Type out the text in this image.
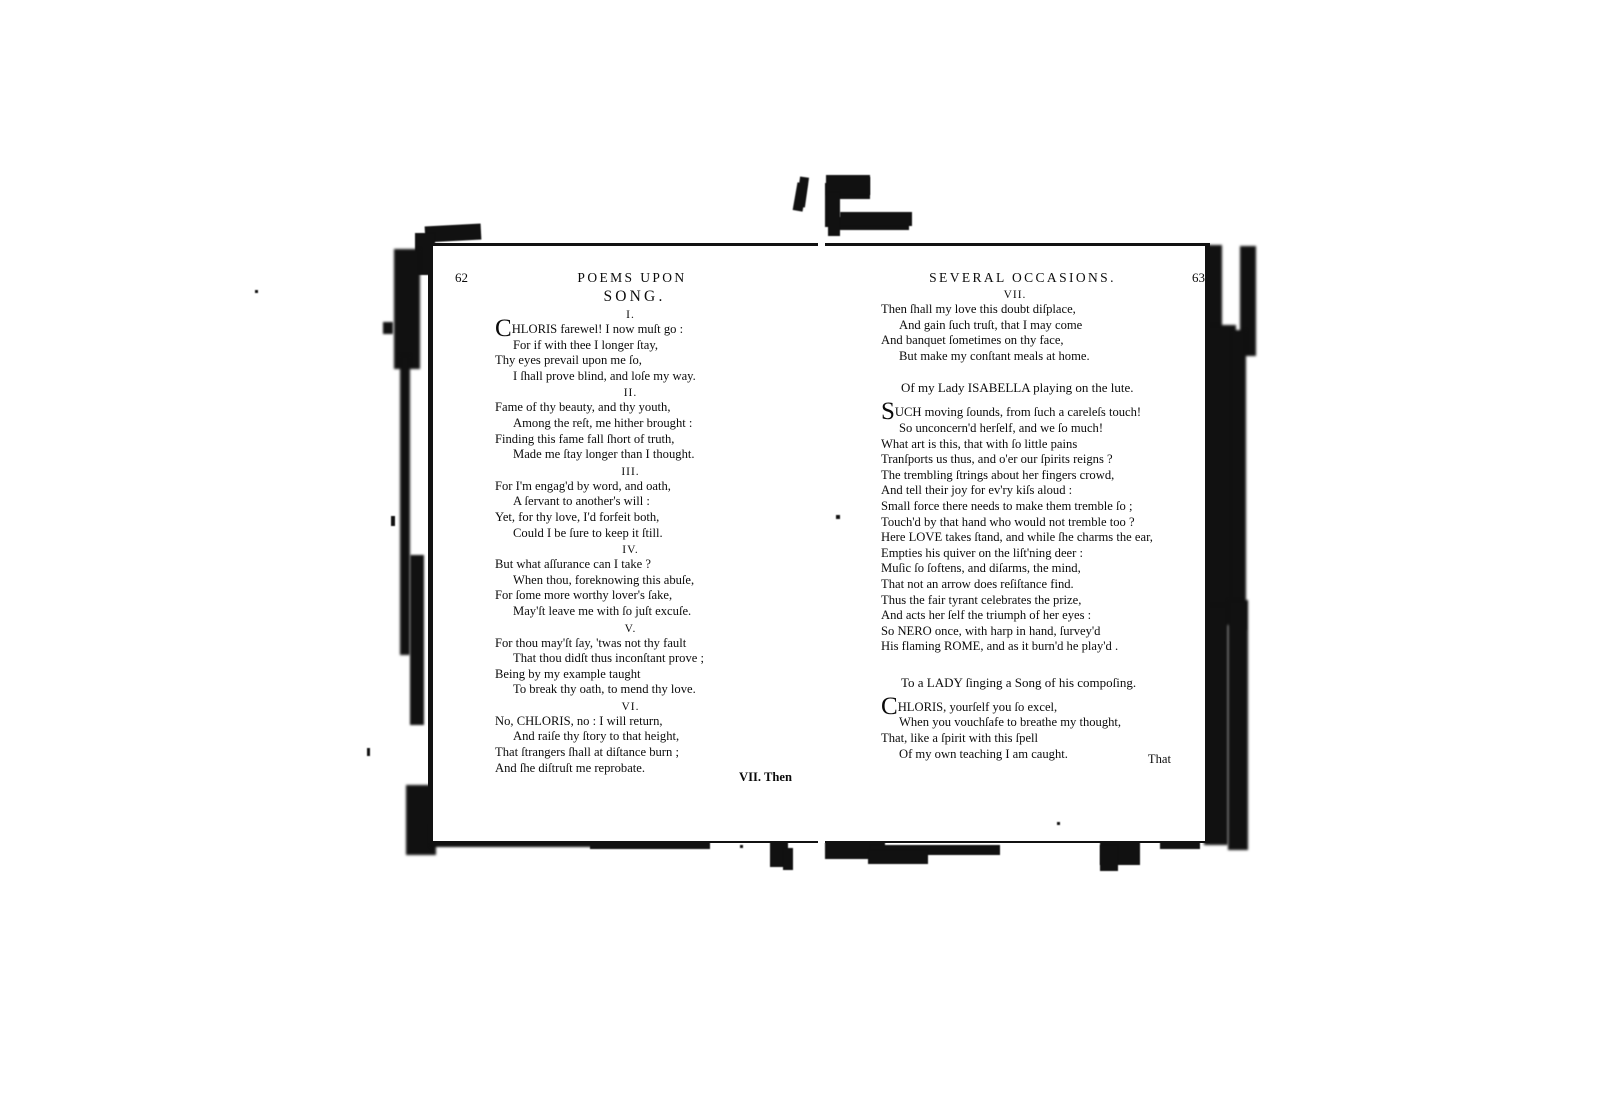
62	POEMS UPON
SONG.
I.
CHLORIS farewel! I now muſt go :
For if with thee I longer ſtay,
Thy eyes prevail upon me ſo,
I ſhall prove blind, and loſe my way.
II.
Fame of thy beauty, and thy youth,
Among the reſt, me hither brought :
Finding this fame fall ſhort of truth,
Made me ſtay longer than I thought.
III.
For I'm engag'd by word, and oath,
A ſervant to another's will :
Yet, for thy love, I'd forfeit both,
Could I be ſure to keep it ſtill.
IV.
But what aſſurance can I take ?
When thou, foreknowing this abuſe,
For ſome more worthy lover's ſake,
May'ſt leave me with ſo juſt excuſe.
V.
For thou may'ſt ſay, 'twas not thy fault
That thou didſt thus inconſtant prove ;
Being by my example taught
To break thy oath, to mend thy love.
VI.
No, CHLORIS, no : I will return,
And raiſe thy ſtory to that height,
That ſtrangers ſhall at diſtance burn ;
And ſhe diſtruſt me reprobate.
VII. Then
SEVERAL OCCASIONS.	63
VII.
Then ſhall my love this doubt diſplace,
And gain ſuch truſt, that I may come
And banquet ſometimes on thy face,
But make my conſtant meals at home.
Of my Lady ISABELLA playing on the lute.
SUCH moving ſounds, from ſuch a careleſs touch!
So unconcern'd herſelf, and we ſo much!
What art is this, that with ſo little pains
Tranſports us thus, and o'er our ſpirits reigns ?
The trembling ſtrings about her fingers crowd,
And tell their joy for ev'ry kiſs aloud :
Small force there needs to make them tremble ſo ;
Touch'd by that hand who would not tremble too ?
Here LOVE takes ſtand, and while ſhe charms the ear,
Empties his quiver on the liſt'ning deer :
Muſic ſo ſoftens, and diſarms, the mind,
That not an arrow does reſiſtance find.
Thus the fair tyrant celebrates the prize,
And acts her ſelf the triumph of her eyes :
So NERO once, with harp in hand, ſurvey'd
His flaming ROME, and as it burn'd he play'd .
To a LADY ſinging a Song of his compoſing.
CHLORIS, yourſelf you ſo excel,
When you vouchſafe to breathe my thought,
That, like a ſpirit with this ſpell
Of my own teaching I am caught.	That
